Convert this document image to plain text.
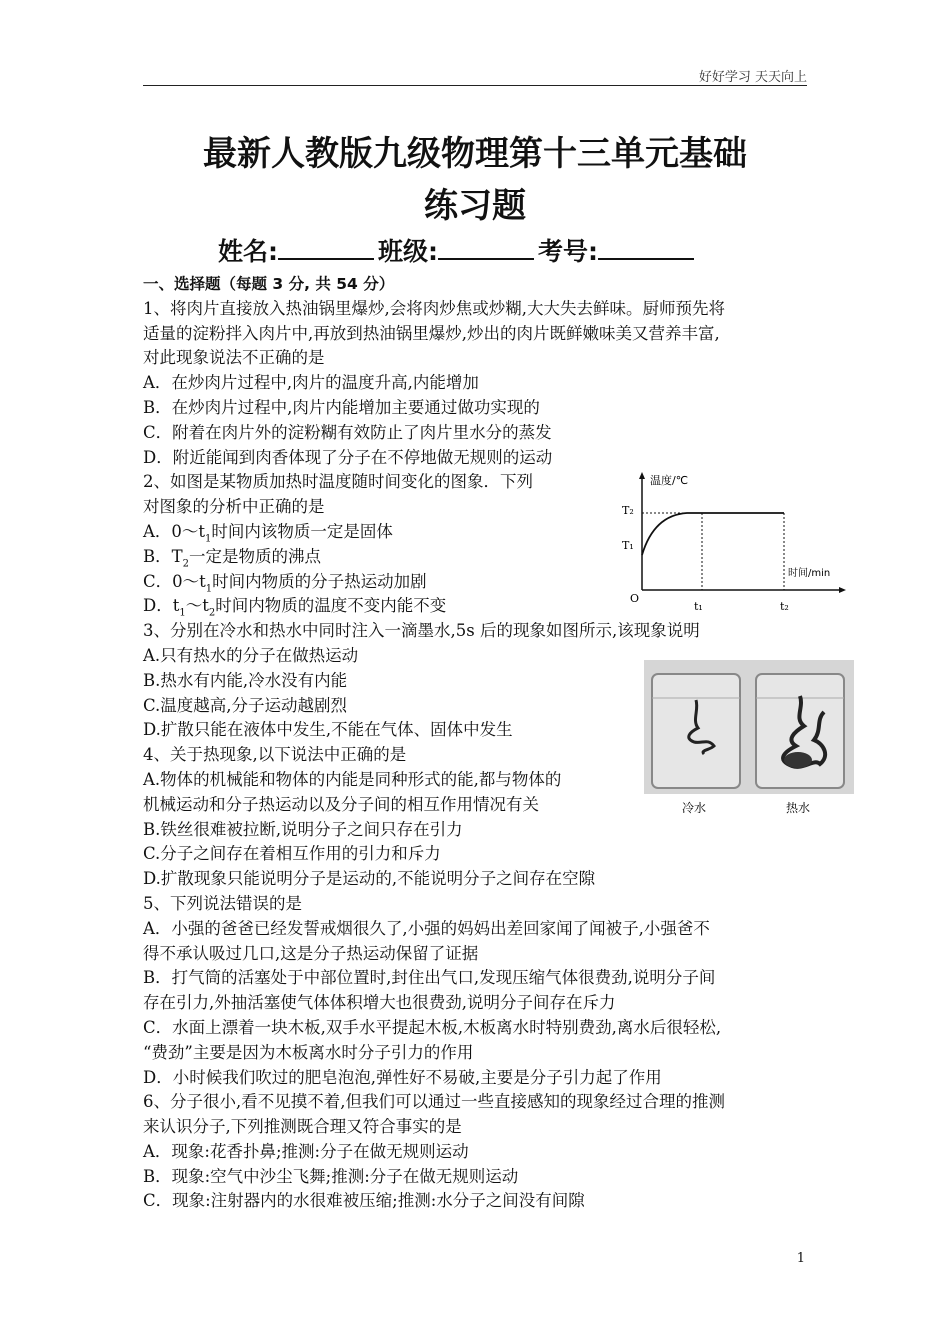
好好学习 天天向上
最新人教版九级物理第十三单元基础
练习题
姓名:	班级:	考号:
一、选择题（每题 3 分, 共 54 分）
1、将肉片直接放入热油锅里爆炒,会将肉炒焦或炒糊,大大失去鲜味。厨师预先将
适量的淀粉拌入肉片中,再放到热油锅里爆炒,炒出的肉片既鲜嫩味美又营养丰富,
对此现象说法不正确的是
A．在炒肉片过程中,肉片的温度升高,内能增加
B．在炒肉片过程中,肉片内能增加主要通过做功实现的
C．附着在肉片外的淀粉糊有效防止了肉片里水分的蒸发
D．附近能闻到肉香体现了分子在不停地做无规则的运动
2、如图是某物质加热时温度随时间变化的图象．下列
对图象的分析中正确的是
A．$0\sim t_1$时间内该物质一定是固体
B．$T_2$一定是物质的沸点
C．$0\sim t_1$时间内物质的分子热运动加剧
D．$t_1\sim t_2$时间内物质的温度不变内能不变
3、分别在冷水和热水中同时注入一滴墨水,5s 后的现象如图所示,该现象说明
A.只有热水的分子在做热运动
B.热水有内能,冷水没有内能
C.温度越高,分子运动越剧烈
D.扩散只能在液体中发生,不能在气体、固体中发生
4、关于热现象,以下说法中正确的是
A.物体的机械能和物体的内能是同种形式的能,都与物体的
机械运动和分子热运动以及分子间的相互作用情况有关
B.铁丝很难被拉断,说明分子之间只存在引力
C.分子之间存在着相互作用的引力和斥力
D.扩散现象只能说明分子是运动的,不能说明分子之间存在空隙
5、下列说法错误的是
A．小强的爸爸已经发誓戒烟很久了,小强的妈妈出差回家闻了闻被子,小强爸不
得不承认吸过几口,这是分子热运动保留了证据
B．打气筒的活塞处于中部位置时,封住出气口,发现压缩气体很费劲,说明分子间
存在引力,外抽活塞使气体体积增大也很费劲,说明分子间存在斥力
C．水面上漂着一块木板,双手水平提起木板,木板离水时特别费劲,离水后很轻松,
“费劲”主要是因为木板离水时分子引力的作用
D．小时候我们吹过的肥皂泡泡,弹性好不易破,主要是分子引力起了作用
6、分子很小,看不见摸不着,但我们可以通过一些直接感知的现象经过合理的推测
来认识分子,下列推测既合理又符合事实的是
A．现象:花香扑鼻;推测:分子在做无规则运动
B．现象:空气中沙尘飞舞;推测:分子在做无规则运动
C．现象:注射器内的水很难被压缩;推测:水分子之间没有间隙
温度/℃
时间/min
T₂
T₁
O
t₁	t₂
冷水	热水
1
